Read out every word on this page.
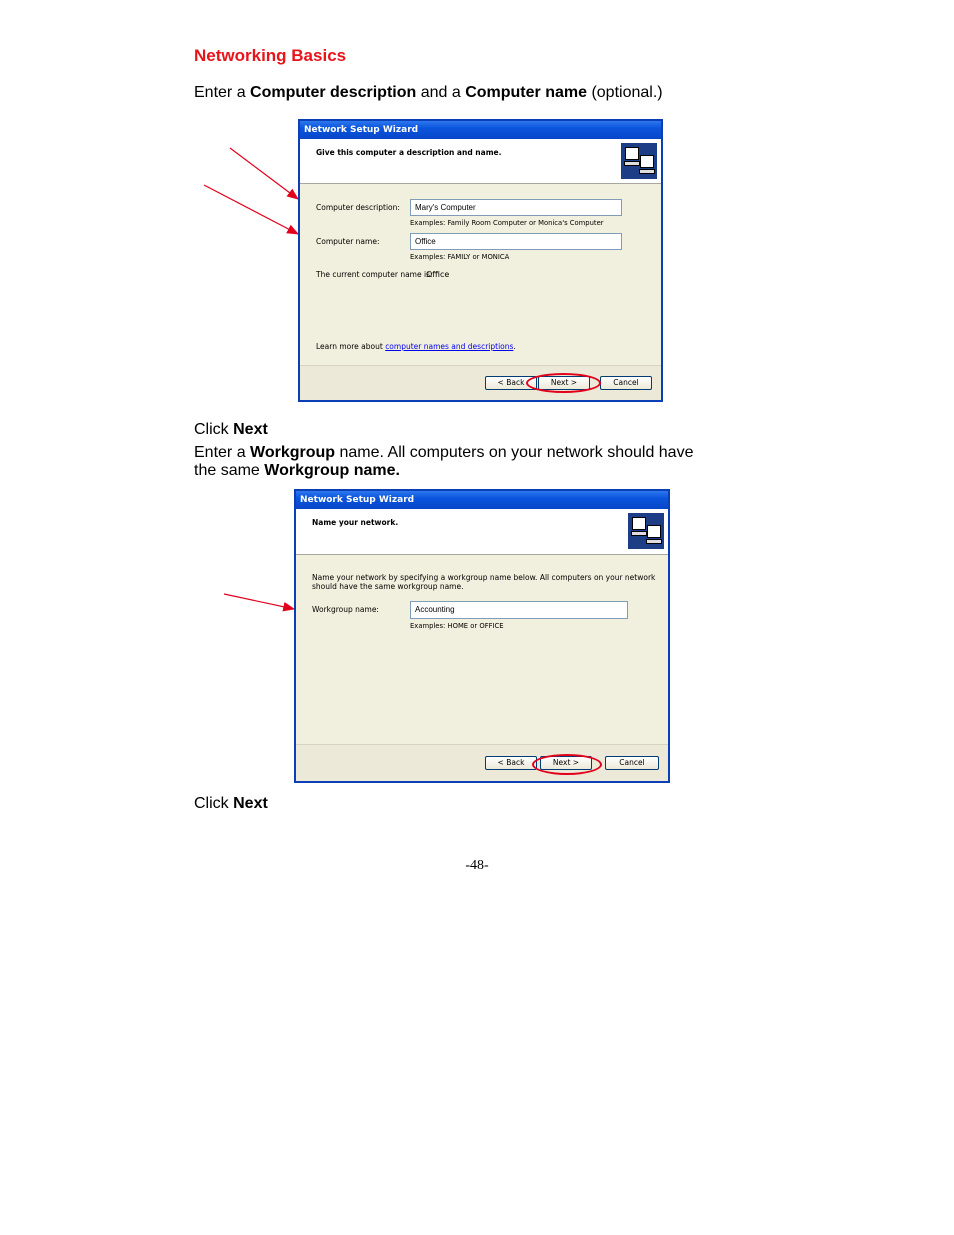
Networking Basics
Enter a Computer description and a Computer name (optional.)
Network Setup Wizard
Give this computer a description and name.
Computer description:	Mary's Computer
Examples: Family Room Computer or Monica's Computer
Computer name:	Office
Examples: FAMILY or MONICA
The current computer name is:
Office
Learn more about computer names and descriptions.
< Back	Next >	Cancel
Click Next
Enter a Workgroup name. All computers on your network should have
the same Workgroup name.
Network Setup Wizard
Name your network.
Name your network by specifying a workgroup name below. All computers on your network
should have the same workgroup name.
Workgroup name:	Accounting
Examples: HOME or OFFICE
< Back	Next >	Cancel
Click Next
-48-
